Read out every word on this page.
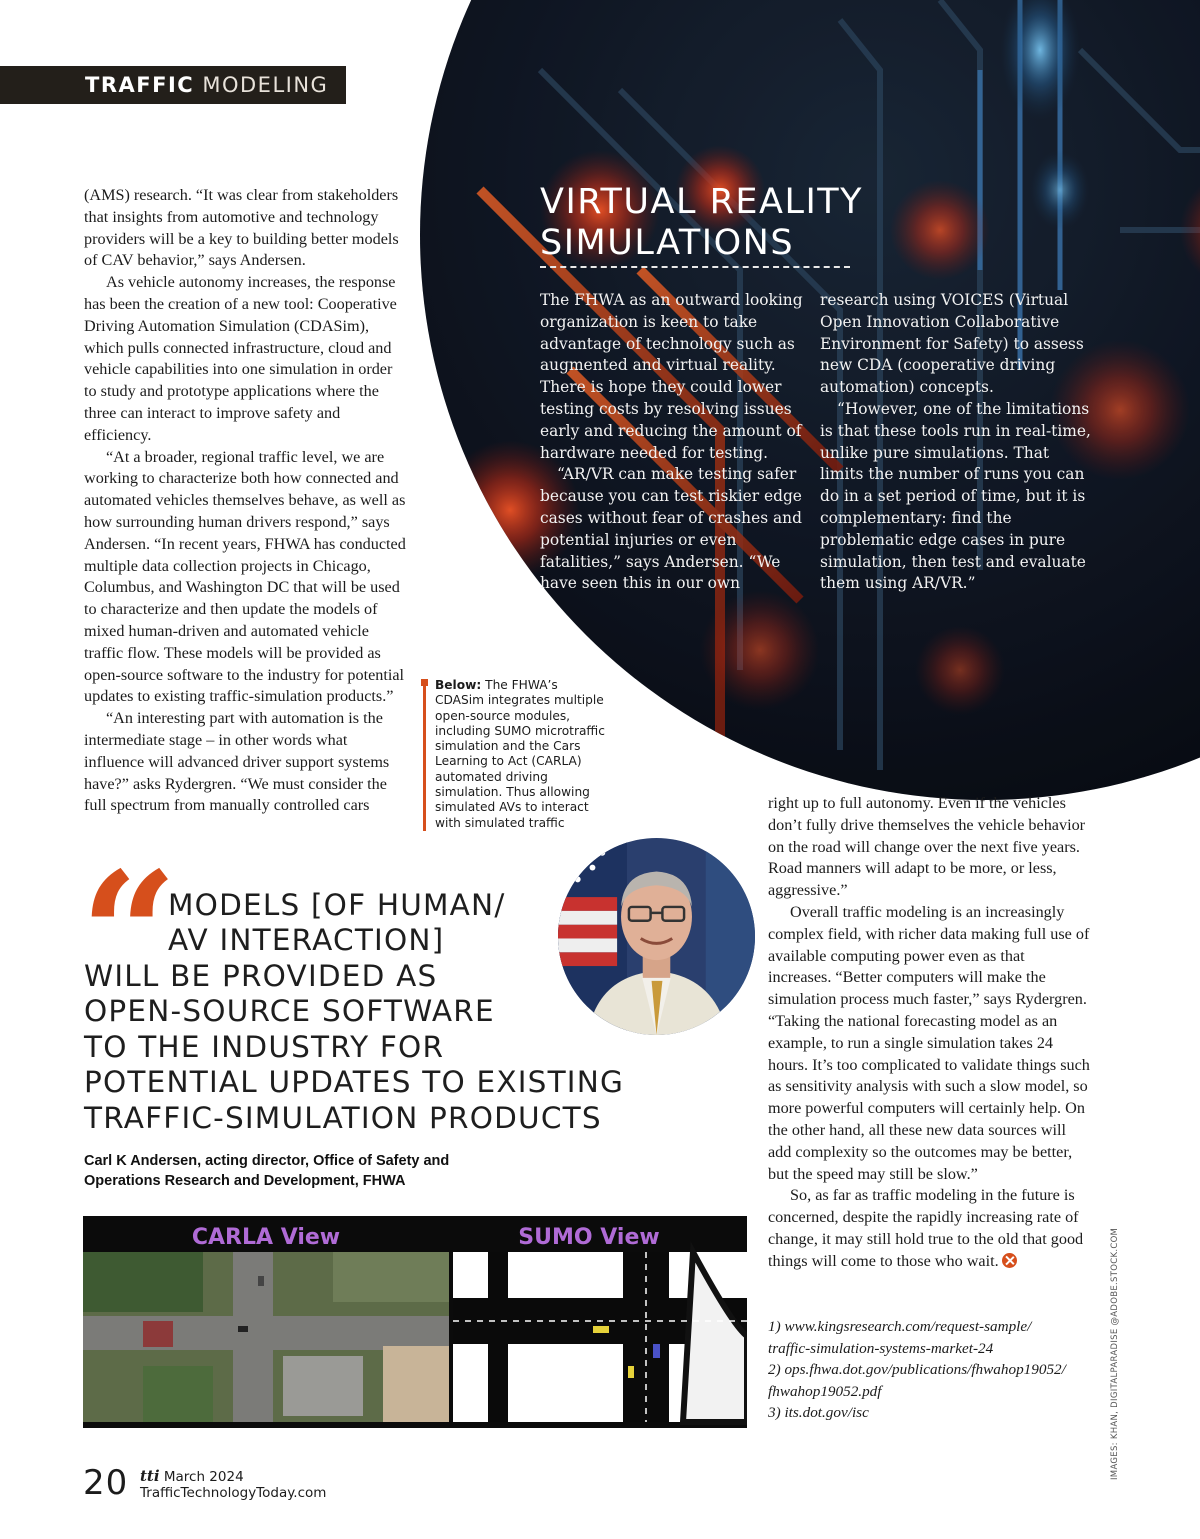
TRAFFIC MODELING

(AMS) research. “It was clear from stakeholders that insights from automotive and technology providers will be a key to building better models of CAV behavior,” says Andersen.

As vehicle autonomy increases, the response has been the creation of a new tool: Cooperative Driving Automation Simulation (CDASim), which pulls connected infrastructure, cloud and vehicle capabilities into one simulation in order to study and prototype applications where the three can interact to improve safety and efficiency.

“At a broader, regional traffic level, we are working to characterize both how connected and automated vehicles themselves behave, as well as how surrounding human drivers respond,” says Andersen. “In recent years, FHWA has conducted multiple data collection projects in Chicago, Columbus, and Washington DC that will be used to characterize and then update the models of mixed human-driven and automated vehicle traffic flow. These models will be provided as open-source software to the industry for potential updates to existing traffic-simulation products.”

“An interesting part with automation is the intermediate stage – in other words what influence will advanced driver support systems have?” asks Rydergren. “We must consider the full spectrum from manually controlled cars

VIRTUAL REALITY
SIMULATIONS

The FHWA as an outward looking organization is keen to take advantage of technology such as augmented and virtual reality. There is hope they could lower testing costs by resolving issues early and reducing the amount of hardware needed for testing.

“AR/VR can make testing safer because you can test riskier edge cases without fear of crashes and potential injuries or even fatalities,” says Andersen. “We have seen this in our own

research using VOICES (Virtual Open Innovation Collaborative Environment for Safety) to assess new CDA (cooperative driving automation) concepts.

“However, one of the limitations is that these tools run in real-time, unlike pure simulations. That limits the number of runs you can do in a set period of time, but it is complementary: find the problematic edge cases in pure simulation, then test and evaluate them using AR/VR.”

Below: The FHWA’s CDASim integrates multiple open-source modules, including SUMO microtraffic simulation and the Cars Learning to Act (CARLA) automated driving simulation. Thus allowing simulated AVs to interact with simulated traffic
“
MODELS [OF HUMAN/
AV INTERACTION]
WILL BE PROVIDED AS
OPEN-SOURCE SOFTWARE
TO THE INDUSTRY FOR
POTENTIAL UPDATES TO EXISTING
TRAFFIC-SIMULATION PRODUCTS
Carl K Andersen, acting director, Office of Safety and Operations Research and Development, FHWA
CARLA View	SUMO View

right up to full autonomy. Even if the vehicles don’t fully drive themselves the vehicle behavior on the road will change over the next five years. Road manners will adapt to be more, or less, aggressive.”

Overall traffic modeling is an increasingly complex field, with richer data making full use of available computing power even as that increases. “Better computers will make the simulation process much faster,” says Rydergren. “Taking the national forecasting model as an example, to run a single simulation takes 24 hours. It’s too complicated to validate things such as sensitivity analysis with such a slow model, so more powerful computers will certainly help. On the other hand, all these new data sources will add complexity so the outcomes may be better, but the speed may still be slow.”

So, as far as traffic modeling in the future is concerned, despite the rapidly increasing rate of change, it may still hold true to the old that good things will come to those who wait.

1) www.kingsresearch.com/request-sample/
traffic-simulation-systems-market-24
2) ops.fhwa.dot.gov/publications/fhwahop19052/
fhwahop19052.pdf
3) its.dot.gov/isc	IMAGES: KHAN, DIGITALPARADISE @ADOBE.STOCK.COM
20 tti March 2024
TrafficTechnologyToday.com
